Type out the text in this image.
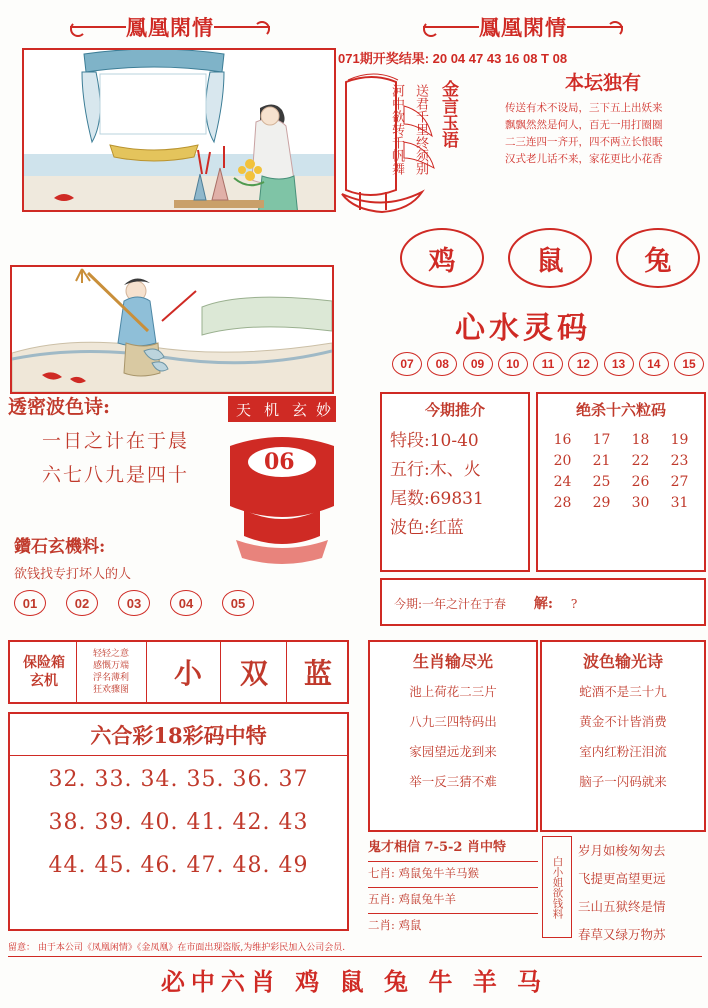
鳳凰閑情	鳳凰閑情
071期开奖结果: 20 04 47 43 16 08 T 08
河中欲转千帆舞 送君千里终须别 金言玉语	本坛独有

传送有术不设局，三下五上出妖来

飘飘然然是何人，百无一用打圈圈

二三连四一齐开，四不两立长恨眠

汉式老儿话不来，家花更比小花香

鸡	鼠	兔
心水灵码
07	08	09	10	11	12	13	14	15
透密波色诗:
一日之计在于晨
六七八九是四十
鑽石玄機料:
欲钱找专打坏人的人
01	02	03	04	05
天 机 玄 妙
06
今期推介
特段:10-40
五行:木、火
尾数:69831
波色:红蓝
绝杀十六粒码
16	17	18	19
20	21	22	23
24	25	26	27
28	29	30	31
今期:一年之汁在于春 解: ?
保险箱
玄机
轻轻之意
感慨万端
浮名薄利
狂欢骤图	小	双	蓝
六合彩18彩码中特
32. 33. 34. 35. 36. 37
38. 39. 40. 41. 42. 43
44. 45. 46. 47. 48. 49
生肖输尽光
池上荷花二三片
八九三四特码出
家园望远龙到来
举一反三猜不难
波色输光诗
蛇酒不是三十九
黄金不计皆消费
室内红粉汪泪流
脑子一闪码就来
鬼才相信 7-5-2 肖中特
七肖: 鸡鼠兔牛羊马猴
五肖: 鸡鼠兔牛羊
二肖: 鸡鼠
白小姐欲钱料
岁月如梭匆匆去
飞提更高望更远
三山五狱终是情
春草又绿万物苏
留意： 由于本公司《凤凰闲情》《金凤凰》在市面出现盗版,为维护彩民加入公司会员.
必中六肖 鸡 鼠 兔 牛 羊 马
